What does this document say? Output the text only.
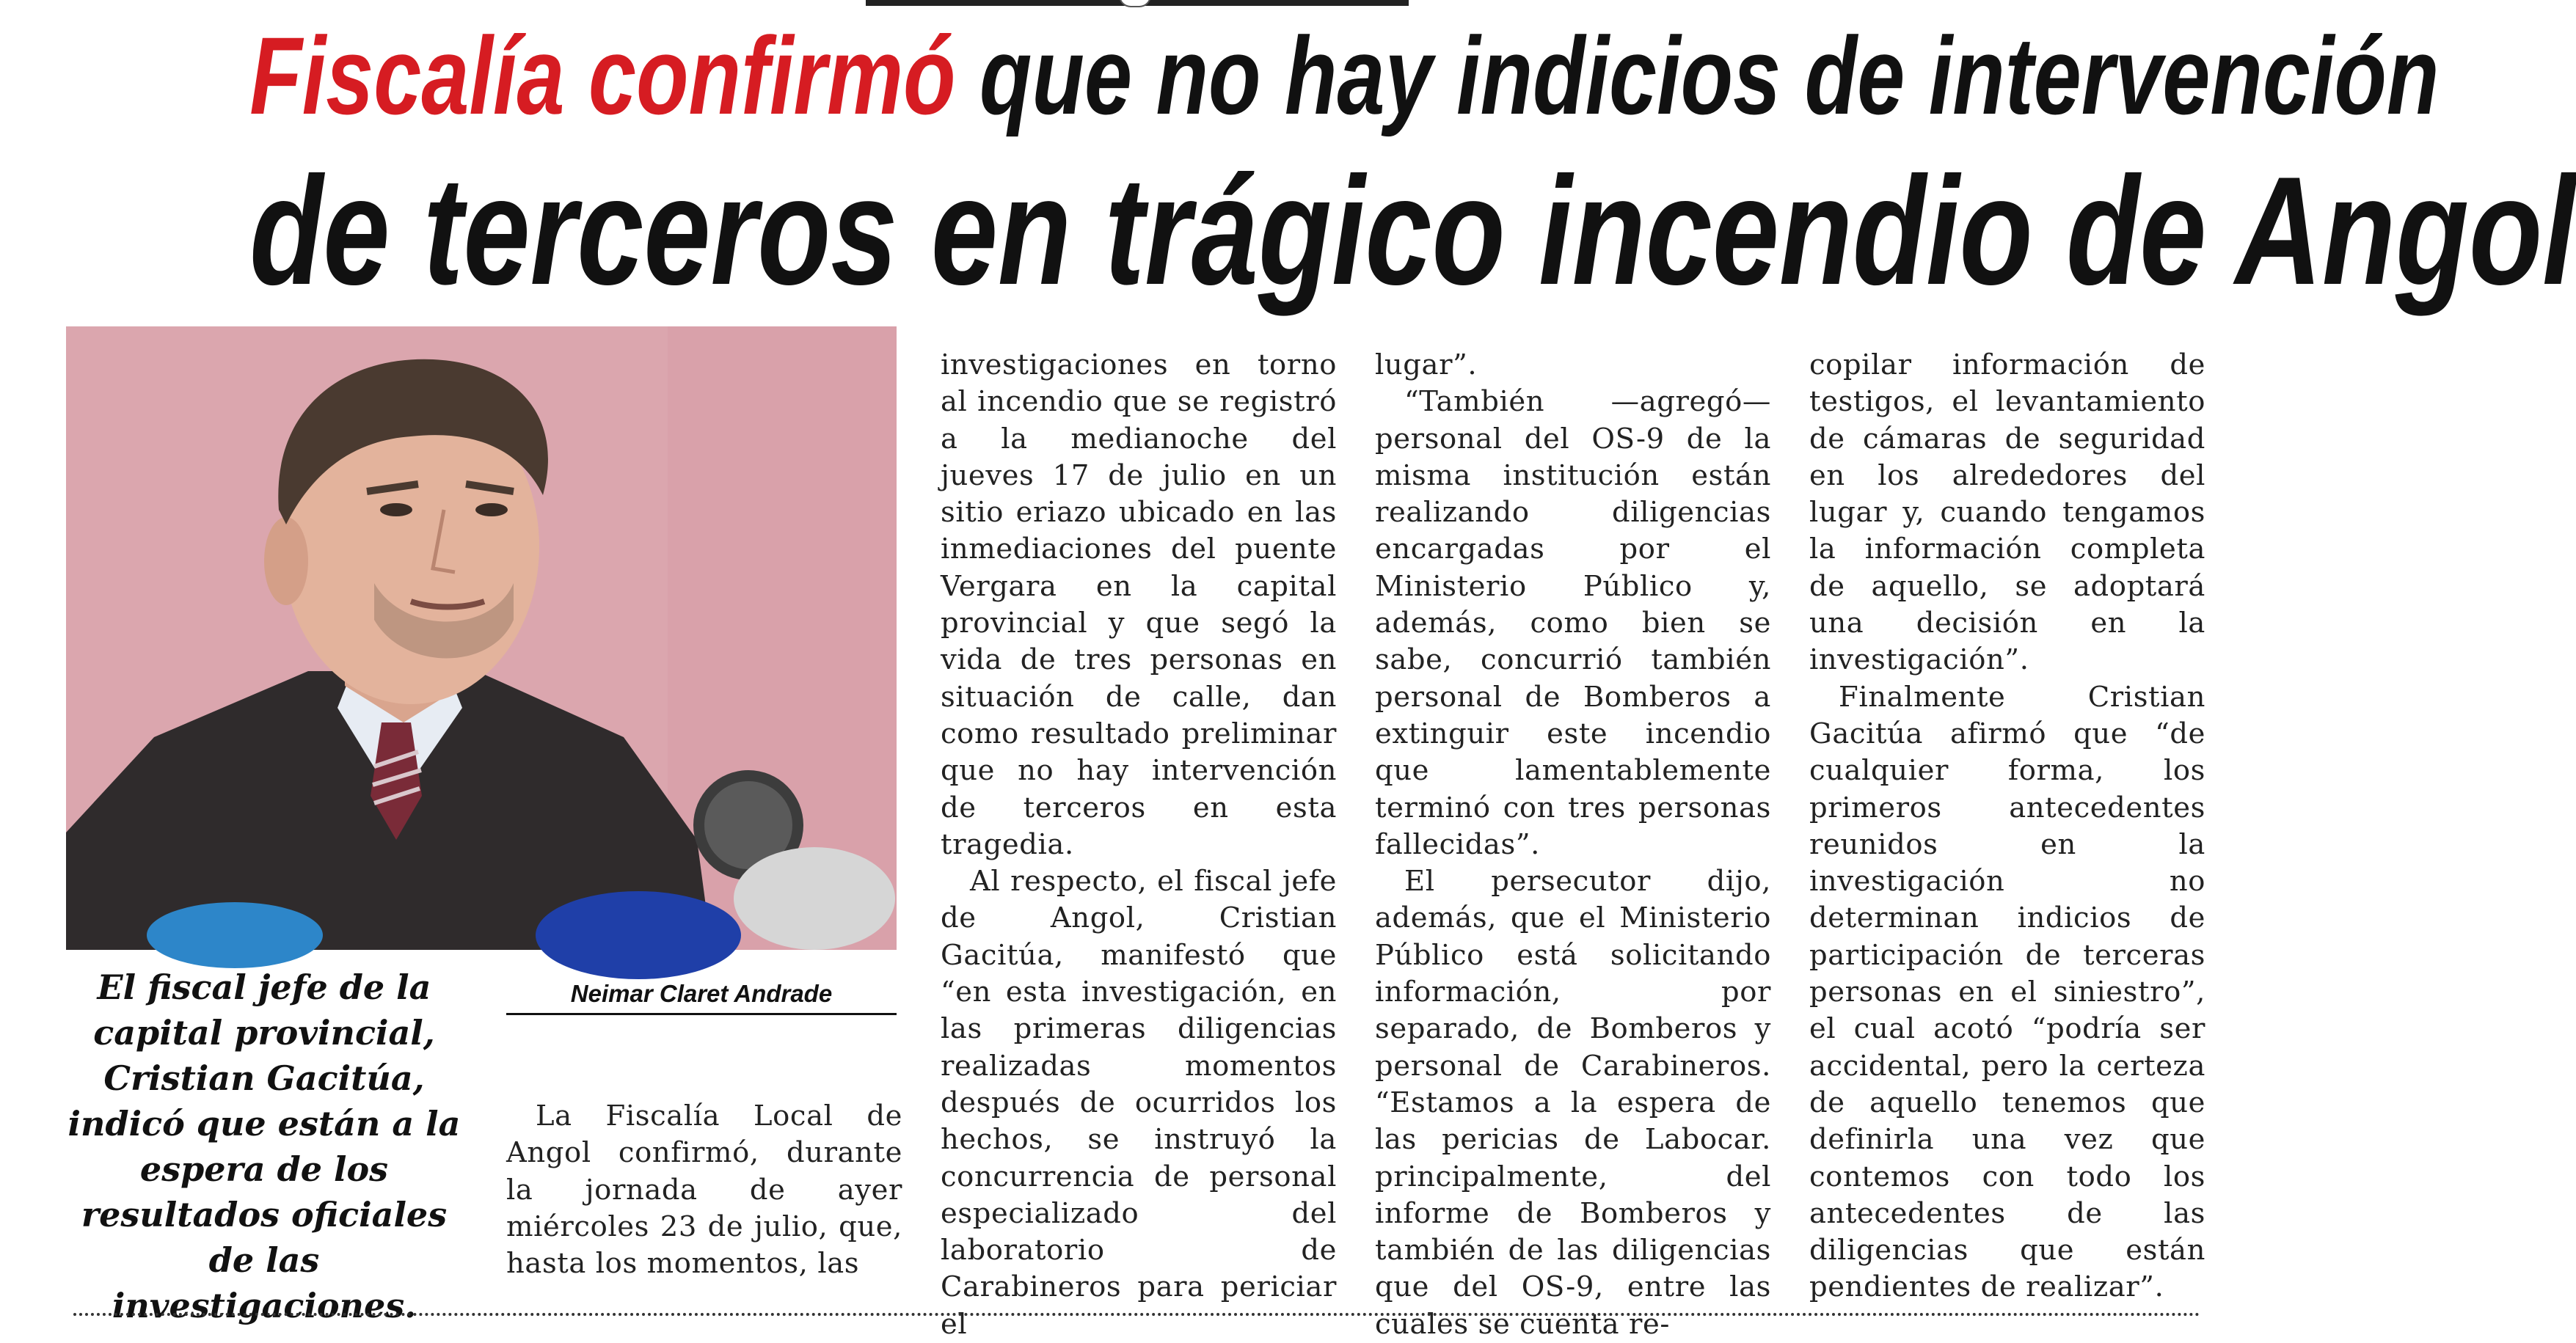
Fiscalía confirmó que no hay indicios de intervención
de terceros en trágico incendio de Angol
El fiscal jefe de la capital provincial, Cristian Gacitúa, indicó que están a la espera de los resultados oficiales de las investigaciones.
Neimar Claret Andrade

La Fiscalía Local de Angol confirmó, durante la jornada de ayer miércoles 23 de julio, que, hasta los momentos, las

investigaciones en torno al incendio que se registró a la medianoche del jueves 17 de julio en un sitio eriazo ubicado en las inmediaciones del puente Vergara en la capital provincial y que segó la vida de tres personas en situación de calle, dan como resultado preliminar que no hay intervención de terceros en esta tragedia.

Al respecto, el fiscal jefe de Angol, Cristian Gacitúa, manifestó que “en esta investigación, en las primeras diligencias realizadas momentos después de ocurridos los hechos, se instruyó la concurrencia de personal especializado del laboratorio de Carabineros para periciar el

lugar”.

“También —agregó— personal del OS-9 de la misma institución están realizando diligencias encargadas por el Ministerio Público y, además, como bien se sabe, concurrió también personal de Bomberos a extinguir este incendio que lamentablemente terminó con tres personas fallecidas”.

El persecutor dijo, además, que el Ministerio Público está solicitando información, por separado, de Bomberos y personal de Carabineros. “Estamos a la espera de las pericias de Labocar. principalmente, del informe de Bomberos y también de las diligencias que del OS-9, entre las cuales se cuenta re-

copilar información de testigos, el levantamiento de cámaras de seguridad en los alrededores del lugar y, cuando tengamos la información completa de aquello, se adoptará una decisión en la investigación”.

Finalmente Cristian Gacitúa afirmó que “de cualquier forma, los primeros antecedentes reunidos en la investigación no determinan indicios de participación de terceras personas en el siniestro”, el cual acotó “podría ser accidental, pero la certeza de aquello tenemos que definirla una vez que contemos con todo los antecedentes de las diligencias que están pendientes de realizar”.
